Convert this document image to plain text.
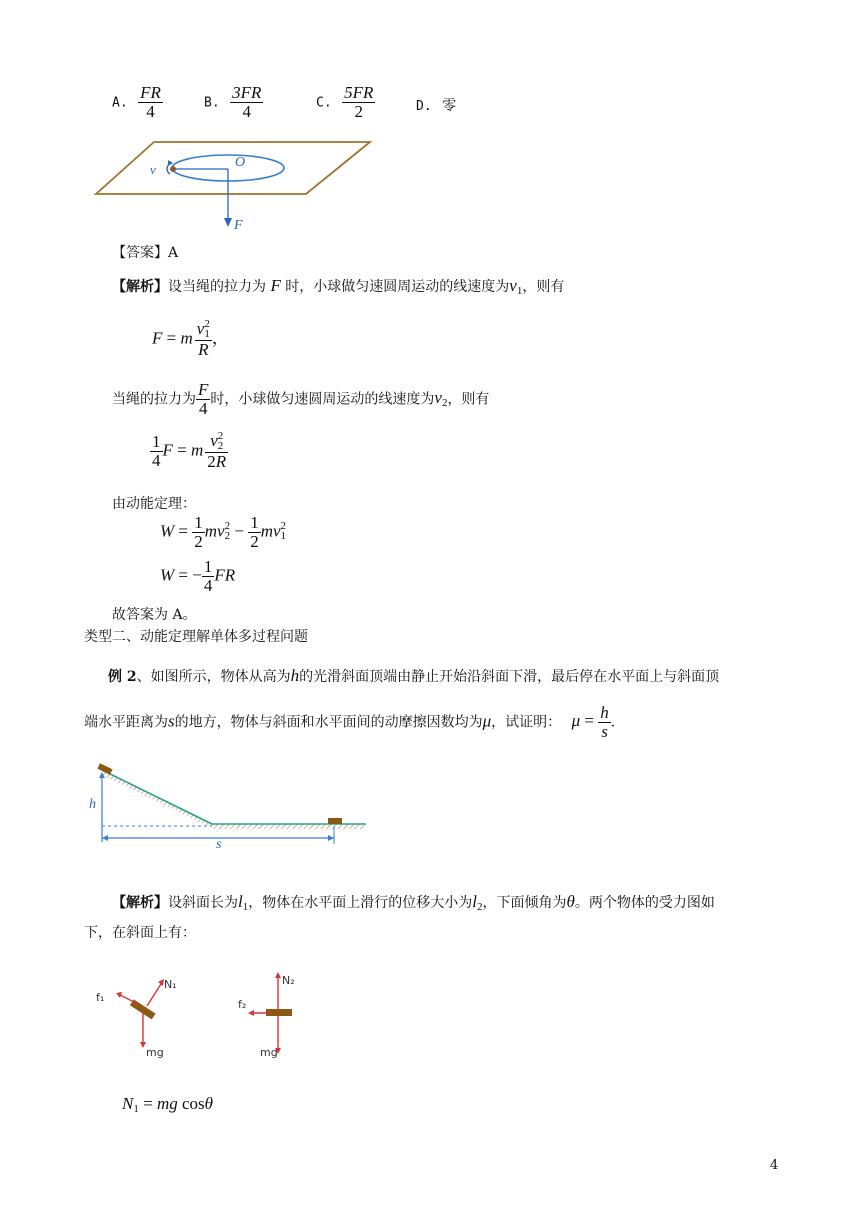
A. $\frac{FR}{4}$	B. $\frac{3FR}{4}$	C. $\frac{5FR}{2}$	D. 零
v	O
F
【答案】A
【解析】设当绳的拉力为 F 时，小球做匀速圆周运动的线速度为$v_1$，则有
F = m v 2
1
R ，
当绳的拉力为 $\frac{F}{4}$ 时，小球做匀速圆周运动的线速度为$v_2$，则有
$\frac{1}{4}$ F = m v 2
2
2R
由动能定理：
$W = \frac{1}{2}$ mv 2
$2 - \frac{1}{2}$ mv 2
1
W = − $\frac{1}{4}$ FR
故答案为 A。
类型二、动能定理解单体多过程问题
例 2、如图所示，物体从高为h的光滑斜面顶端由静止开始沿斜面下滑，最后停在水平面上与斜面顶
端水平距离为s的地方，物体与斜面和水平面间的动摩擦因数均为μ，试证明： $\mu = \frac{h}{s}$ .
h
s
【解析】设斜面长为$l_1$，物体在水平面上滑行的位移大小为$l_2$，下面倾角为θ。两个物体的受力图如
下，在斜面上有：
f₁
N₁
mg
f₂
N₂
mg
$N_1$ = mg cosθ
4
